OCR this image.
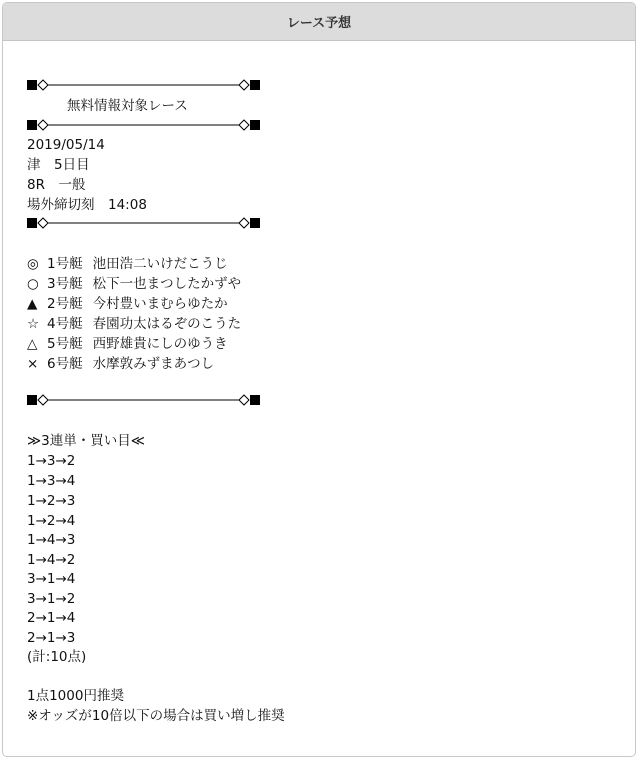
レース予想
無料情報対象レース
2019/05/14
津　5日目
8R　一般
場外締切刻　14:08
◎ 1号艇 池田浩二いけだこうじ
○ 3号艇 松下一也まつしたかずや
▲ 2号艇 今村豊いまむらゆたか
☆ 4号艇 春園功太はるぞのこうた
△ 5号艇 西野雄貴にしのゆうき
× 6号艇 水摩敦みずまあつし
≫3連単・買い目≪
1→3→2
1→3→4
1→2→3
1→2→4
1→4→3
1→4→2
3→1→4
3→1→2
2→1→4
2→1→3
(計:10点)
1点1000円推奨
※オッズが10倍以下の場合は買い増し推奨
